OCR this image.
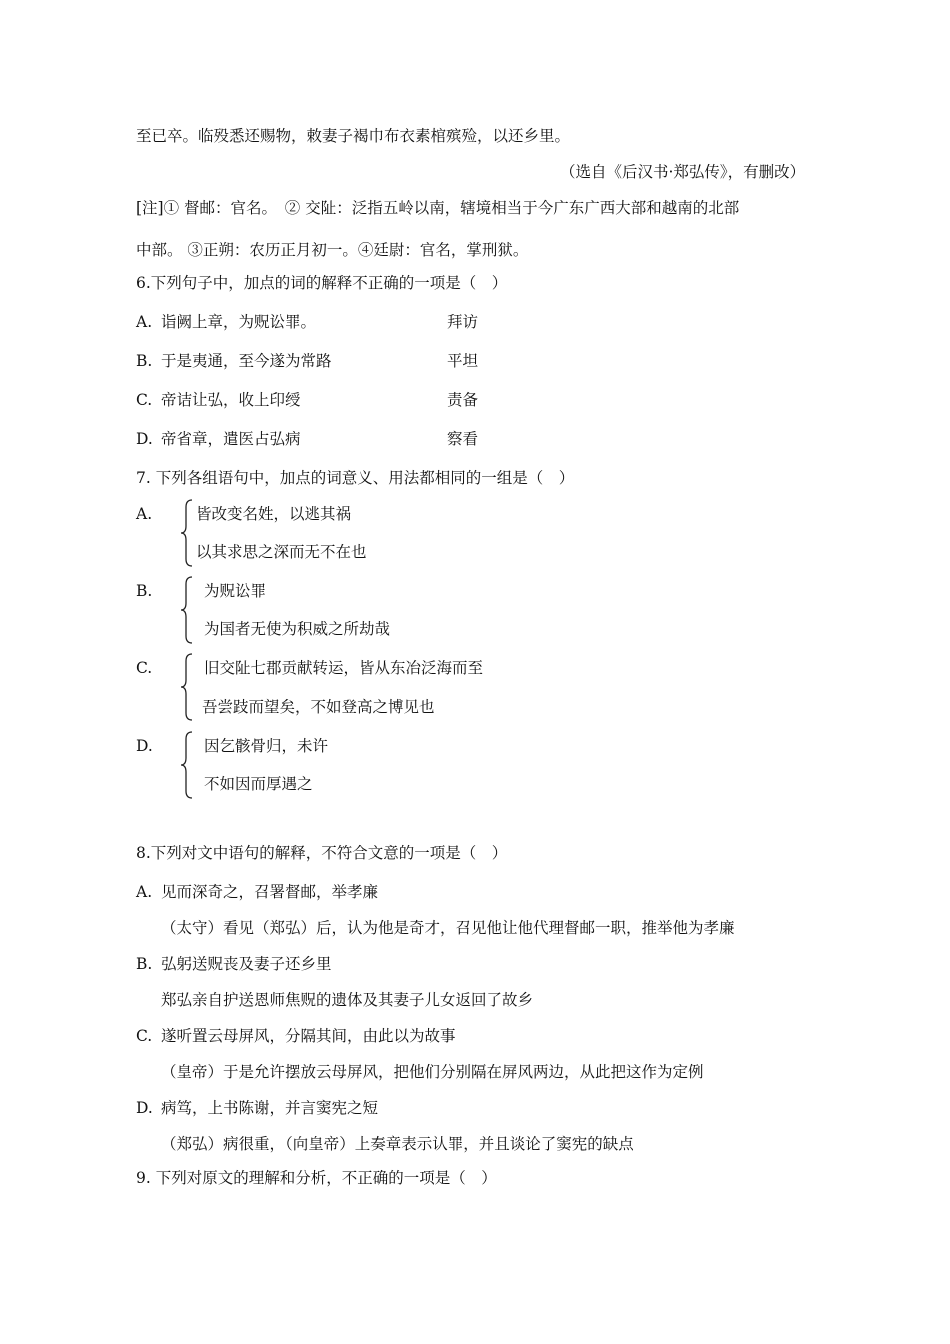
至已卒。临殁悉还赐物，敕妻子褐巾布衣素棺殡殓，以还乡里。
（选自《后汉书·郑弘传》，有删改）
[注]① 督邮：官名。　② 交阯：泛指五岭以南，辖境相当于今广东广西大部和越南的北部
中部。 ③正朔：农历正月初一。④廷尉：官名，掌刑狱。
6.下列句子中，加点的词的解释不正确的一项是（　）
A. 诣阙上章，为贶讼罪。	拜访
B. 于是夷通，至今遂为常路	平坦
C. 帝诘让弘，收上印绶	责备
D. 帝省章，遣医占弘病	察看
7. 下列各组语句中，加点的词意义、用法都相同的一组是（　）
A.	皆改变名姓，以逃其祸
以其求思之深而无不在也
B.	为贶讼罪
为国者无使为积威之所劫哉
C.	旧交阯七郡贡献转运，皆从东冶泛海而至
吾尝跂而望矣，不如登高之博见也
D.	因乞骸骨归，未许
不如因而厚遇之
8.下列对文中语句的解释，不符合文意的一项是（　）
A. 见而深奇之，召署督邮，举孝廉
（太守）看见（郑弘）后，认为他是奇才，召见他让他代理督邮一职，推举他为孝廉
B. 弘躬送贶丧及妻子还乡里
郑弘亲自护送恩师焦贶的遗体及其妻子儿女返回了故乡
C. 遂听置云母屏风，分隔其间，由此以为故事
（皇帝）于是允许摆放云母屏风，把他们分别隔在屏风两边，从此把这作为定例
D. 病笃，上书陈谢，并言窦宪之短
（郑弘）病很重，（向皇帝）上奏章表示认罪，并且谈论了窦宪的缺点
9. 下列对原文的理解和分析，不正确的一项是（　）
